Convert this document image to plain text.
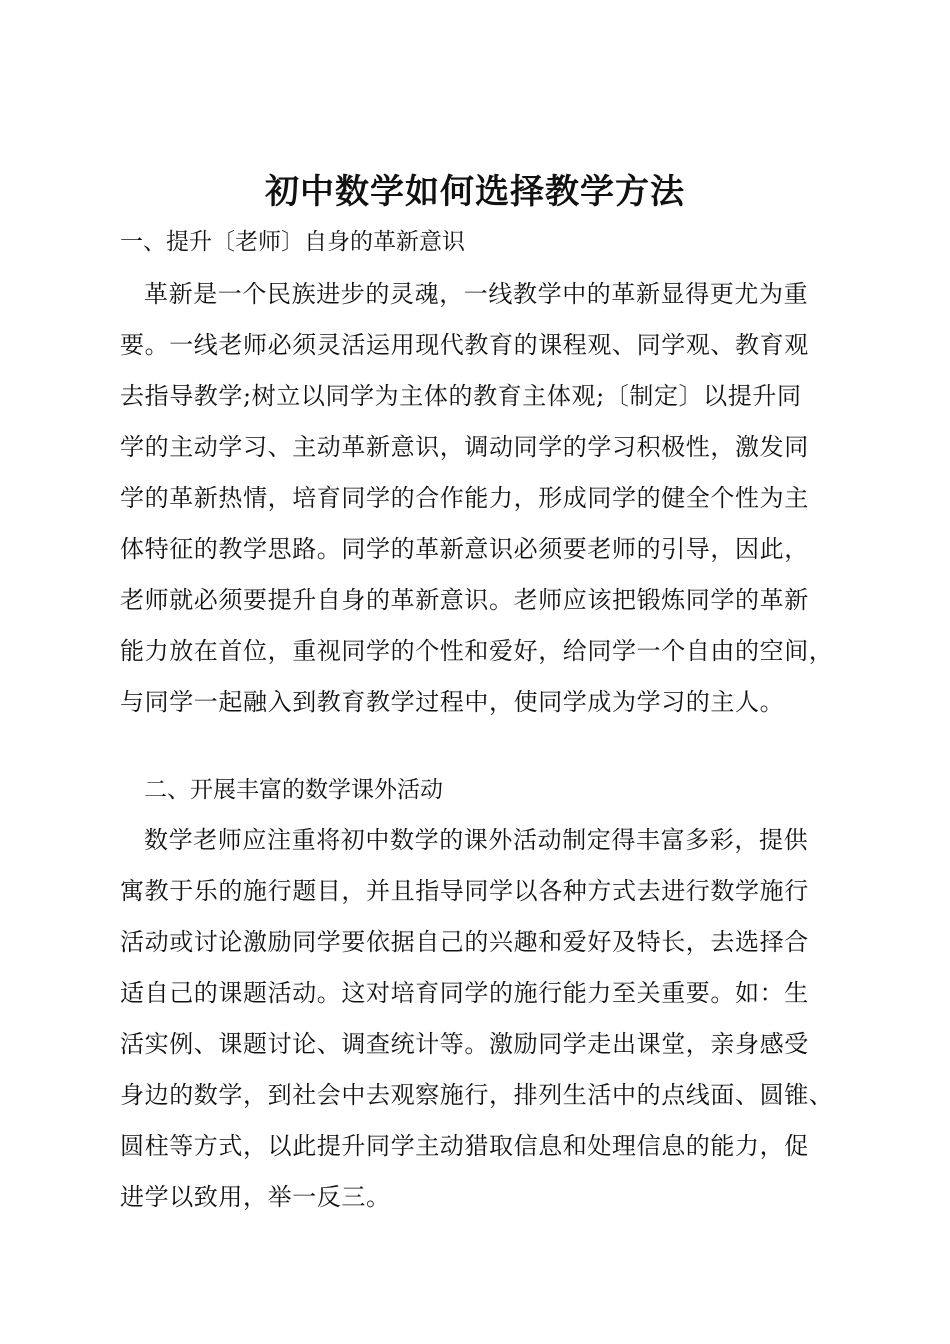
初中数学如何选择教学方法
一、提升〔老师〕自身的革新意识
革新是一个民族进步的灵魂，一线教学中的革新显得更尤为重
要。一线老师必须灵活运用现代教育的课程观、同学观、教育观
去指导教学;树立以同学为主体的教育主体观;〔制定〕以提升同
学的主动学习、主动革新意识，调动同学的学习积极性，激发同
学的革新热情，培育同学的合作能力，形成同学的健全个性为主
体特征的教学思路。同学的革新意识必须要老师的引导，因此，
老师就必须要提升自身的革新意识。老师应该把锻炼同学的革新
能力放在首位，重视同学的个性和爱好，给同学一个自由的空间，
与同学一起融入到教育教学过程中，使同学成为学习的主人。
二、开展丰富的数学课外活动
数学老师应注重将初中数学的课外活动制定得丰富多彩，提供
寓教于乐的施行题目，并且指导同学以各种方式去进行数学施行
活动或讨论激励同学要依据自己的兴趣和爱好及特长，去选择合
适自己的课题活动。这对培育同学的施行能力至关重要。如：生
活实例、课题讨论、调查统计等。激励同学走出课堂，亲身感受
身边的数学，到社会中去观察施行，排列生活中的点线面、圆锥、
圆柱等方式，以此提升同学主动猎取信息和处理信息的能力，促
进学以致用，举一反三。
